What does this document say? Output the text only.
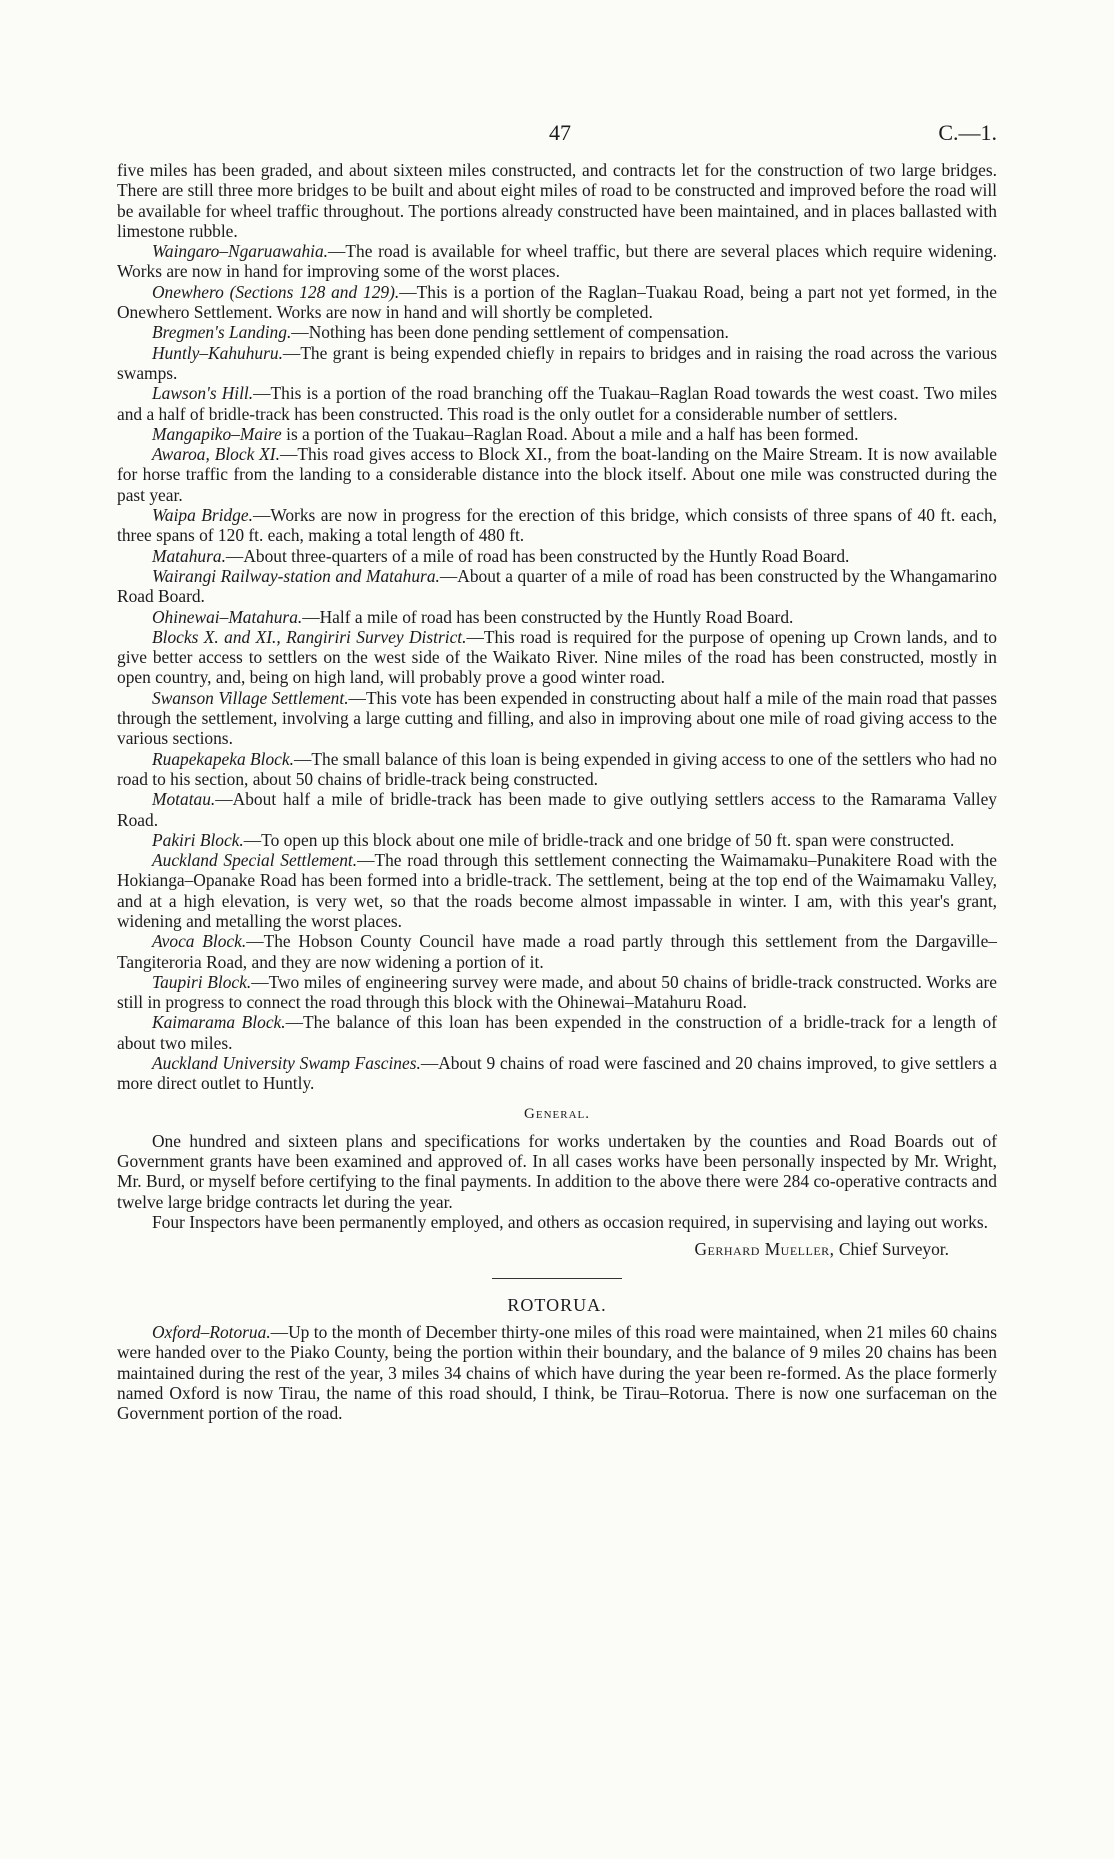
47	C.—1.

five miles has been graded, and about sixteen miles constructed, and contracts let for the construction of two large bridges. There are still three more bridges to be built and about eight miles of road to be constructed and improved before the road will be available for wheel traffic throughout. The portions already constructed have been maintained, and in places ballasted with limestone rubble.

Waingaro–Ngaruawahia.—The road is available for wheel traffic, but there are several places which require widening. Works are now in hand for improving some of the worst places.

Onewhero (Sections 128 and 129).—This is a portion of the Raglan–Tuakau Road, being a part not yet formed, in the Onewhero Settlement. Works are now in hand and will shortly be completed.

Bregmen's Landing.—Nothing has been done pending settlement of compensation.

Huntly–Kahuhuru.—The grant is being expended chiefly in repairs to bridges and in raising the road across the various swamps.

Lawson's Hill.—This is a portion of the road branching off the Tuakau–Raglan Road towards the west coast. Two miles and a half of bridle-track has been constructed. This road is the only outlet for a considerable number of settlers.

Mangapiko–Maire is a portion of the Tuakau–Raglan Road. About a mile and a half has been formed.

Awaroa, Block XI.—This road gives access to Block XI., from the boat-landing on the Maire Stream. It is now available for horse traffic from the landing to a considerable distance into the block itself. About one mile was constructed during the past year.

Waipa Bridge.—Works are now in progress for the erection of this bridge, which consists of three spans of 40 ft. each, three spans of 120 ft. each, making a total length of 480 ft.

Matahura.—About three-quarters of a mile of road has been constructed by the Huntly Road Board.

Wairangi Railway-station and Matahura.—About a quarter of a mile of road has been constructed by the Whangamarino Road Board.

Ohinewai–Matahura.—Half a mile of road has been constructed by the Huntly Road Board.

Blocks X. and XI., Rangiriri Survey District.—This road is required for the purpose of opening up Crown lands, and to give better access to settlers on the west side of the Waikato River. Nine miles of the road has been constructed, mostly in open country, and, being on high land, will probably prove a good winter road.

Swanson Village Settlement.—This vote has been expended in constructing about half a mile of the main road that passes through the settlement, involving a large cutting and filling, and also in improving about one mile of road giving access to the various sections.

Ruapekapeka Block.—The small balance of this loan is being expended in giving access to one of the settlers who had no road to his section, about 50 chains of bridle-track being constructed.

Motatau.—About half a mile of bridle-track has been made to give outlying settlers access to the Ramarama Valley Road.

Pakiri Block.—To open up this block about one mile of bridle-track and one bridge of 50 ft. span were constructed.

Auckland Special Settlement.—The road through this settlement connecting the Waimamaku–Punakitere Road with the Hokianga–Opanake Road has been formed into a bridle-track. The settlement, being at the top end of the Waimamaku Valley, and at a high elevation, is very wet, so that the roads become almost impassable in winter. I am, with this year's grant, widening and metalling the worst places.

Avoca Block.—The Hobson County Council have made a road partly through this settlement from the Dargaville–Tangiteroria Road, and they are now widening a portion of it.

Taupiri Block.—Two miles of engineering survey were made, and about 50 chains of bridle-track constructed. Works are still in progress to connect the road through this block with the Ohinewai–Matahuru Road.

Kaimarama Block.—The balance of this loan has been expended in the construction of a bridle-track for a length of about two miles.

Auckland University Swamp Fascines.—About 9 chains of road were fascined and 20 chains improved, to give settlers a more direct outlet to Huntly.

General.

One hundred and sixteen plans and specifications for works undertaken by the counties and Road Boards out of Government grants have been examined and approved of. In all cases works have been personally inspected by Mr. Wright, Mr. Burd, or myself before certifying to the final payments. In addition to the above there were 284 co-operative contracts and twelve large bridge contracts let during the year.

Four Inspectors have been permanently employed, and others as occasion required, in supervising and laying out works.

Gerhard Mueller, Chief Surveyor.
ROTORUA.

Oxford–Rotorua.—Up to the month of December thirty-one miles of this road were maintained, when 21 miles 60 chains were handed over to the Piako County, being the portion within their boundary, and the balance of 9 miles 20 chains has been maintained during the rest of the year, 3 miles 34 chains of which have during the year been re-formed. As the place formerly named Oxford is now Tirau, the name of this road should, I think, be Tirau–Rotorua. There is now one surfaceman on the Government portion of the road.
